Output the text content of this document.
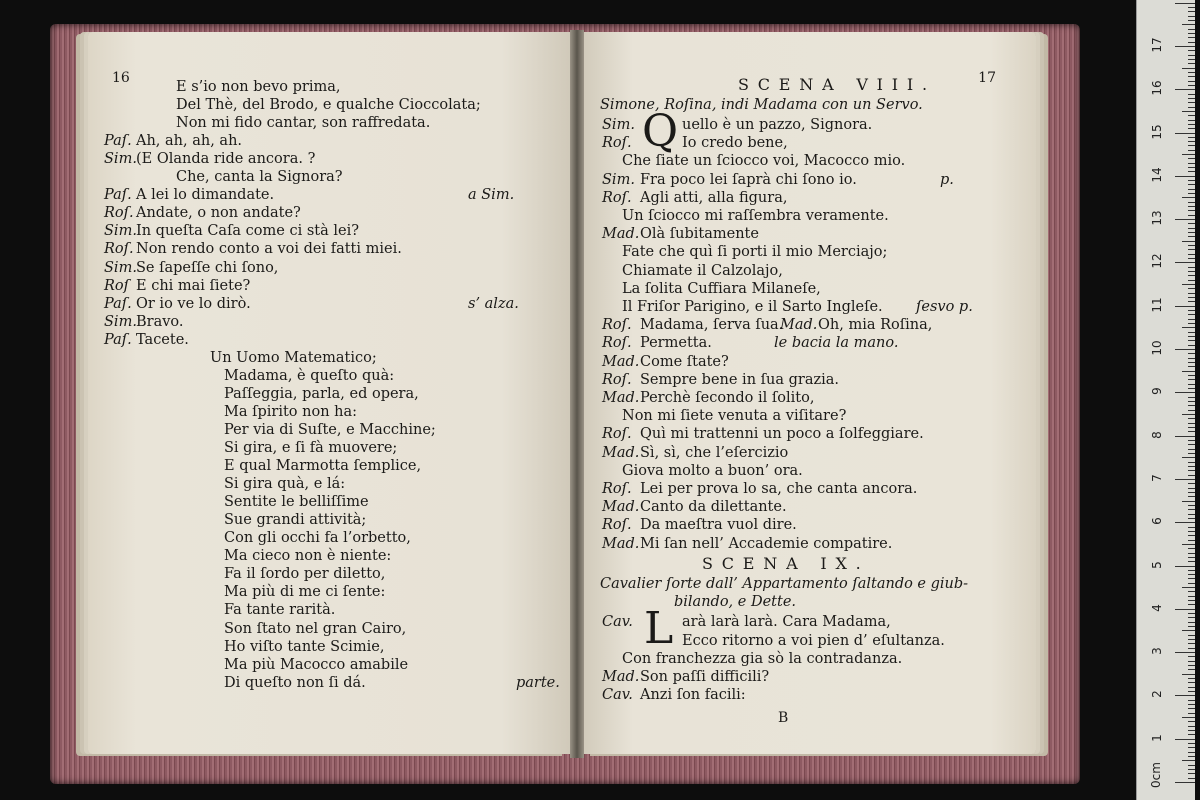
16
E s’io non bevo prima,
Del Thè, del Brodo, e qualche Cioccolata;
Non mi fido cantar, son raffredata.
Paſ. Ah, ah, ah, ah.
Sim. (E Olanda ride ancora. ?
Che, canta la Signora?
Paſ. A lei lo dimandate.	a Sim.
Roſ. Andate, o non andate?
Sim. In queſta Caſa come ci stà lei?
Roſ. Non rendo conto a voi dei fatti miei.
Sim. Se ſapeſſe chi ſono,
Roſ E chi mai ſiete?
Paſ. Or io ve lo dirò.	s’ alza.
Sim. Bravo.
Paſ. Tacete.
Un Uomo Matematico;
Madama, è queſto quà:
Paſſeggia, parla, ed opera,
Ma ſpirito non ha:
Per via di Suſte, e Macchine;
Si gira, e ſi fà muovere;
E qual Marmotta ſemplice,
Si gira quà, e lá:
Sentite le belliſſime
Sue grandi attività;
Con gli occhi fa l’orbetto,
Ma cieco non è niente:
Fa il ſordo per diletto,
Ma più di me ci ſente:
Fa tante rarità.
Son ſtato nel gran Cairo,
Ho viſto tante Scimie,
Ma più Macocco amabile
Di queſto non ſi dá.	parte.
17
SCENA VIII.
Simone, Roſina, indi Madama con un Servo.
Sim. Q uello è un pazzo, Signora.
Roſ.	Io credo bene,
Che ſiate un ſciocco voi, Macocco mio.
Sim. Fra poco lei ſaprà chi ſono io.	p.
Roſ. Agli atti, alla figura,
Un ſciocco mi raſſembra veramente.
Mad. Olà ſubitamente
Fate che quì ſi porti il mio Merciajo;
Chiamate il Calzolajo,
La ſolita Cuffiara Milaneſe,
Il Friſor Parigino, e il Sarto Ingleſe. ſesvo p.
Roſ. Madama, ſerva ſua.
Mad. Oh, mia Roſina,
Roſ. Permetta.	le bacia la mano.
Mad. Come ſtate?
Roſ. Sempre bene in ſua grazia.
Mad. Perchè ſecondo il ſolito,
Non mi ſiete venuta a viſitare?
Roſ. Quì mi trattenni un poco a ſolfeggiare.
Mad. Sì, sì, che l’eſercizio
Giova molto a buon’ ora.
Roſ. Lei per prova lo sa, che canta ancora.
Mad. Canto da dilettante.
Roſ. Da maeſtra vuol dire.
Mad. Mi ſan nell’ Accademie compatire.
SCENA IX.
Cavalier ſorte dall’ Appartamento ſaltando e giub-
bilando, e Dette.
Cav. L arà larà larà. Cara Madama,
Ecco ritorno a voi pien d’ eſultanza.
Con franchezza gia sò la contradanza.
Mad. Son paſſi difficili?
Cav. Anzi ſon facili:
B
0cm
1
2
3
4
5
6
7
8
9
10
11
12
13
14
15
16
17
